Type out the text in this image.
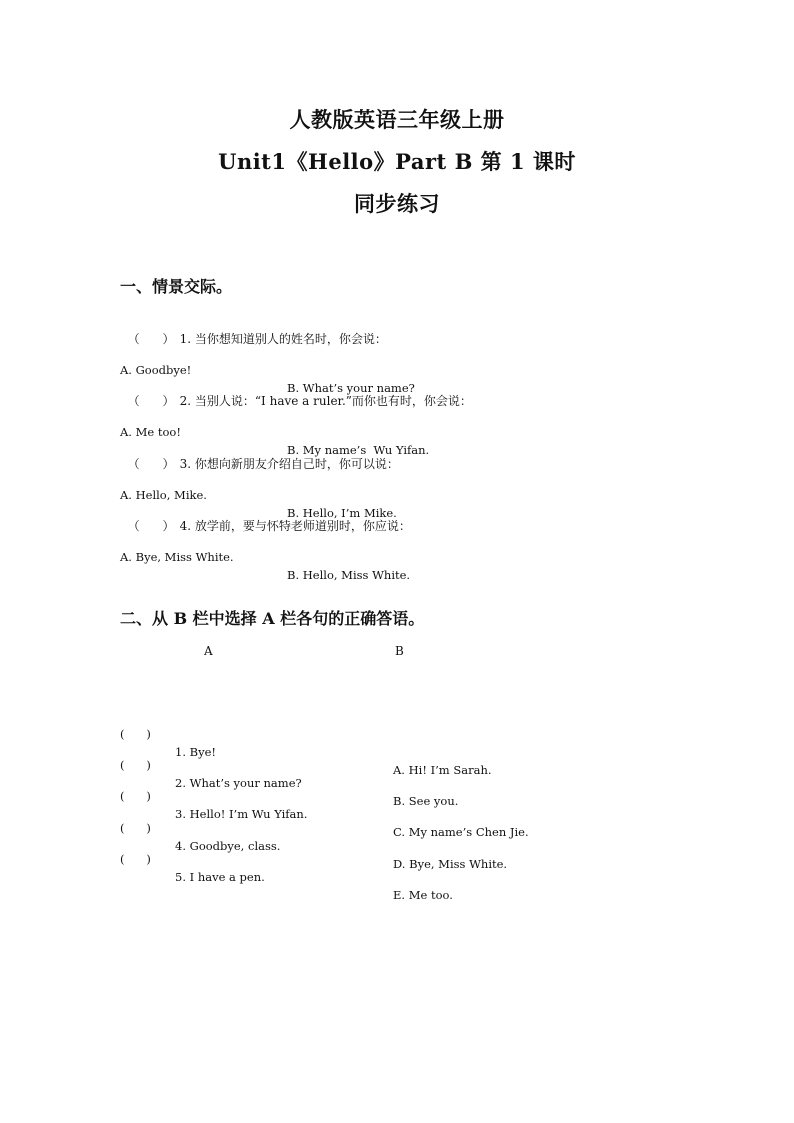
人教版英语三年级上册
Unit1《Hello》Part B 第 1 课时
同步练习
一、情景交际。

（      ） 1. 当你想知道别人的姓名时，你会说：

A. Goodbye!

B. What’s your name?

（      ） 2. 当别人说：“I have a ruler.”而你也有时，你会说：

A. Me too!

B. My name’s  Wu Yifan.

（      ） 3. 你想向新朋友介绍自己时，你可以说：

A. Hello, Mike.

B. Hello, I’m Mike.

（      ） 4. 放学前，要与怀特老师道别时，你应说：

A. Bye, Miss White.

B. Hello, Miss White.

二、从 B 栏中选择 A 栏各句的正确答语。
A	B

(      )

1. Bye!

A. Hi! I’m Sarah.

(      )

2. What’s your name?

B. See you.

(      )

3. Hello! I’m Wu Yifan.

C. My name’s Chen Jie.

(      )

4. Goodbye, class.

D. Bye, Miss White.

(      )

5. I have a pen.

E. Me too.
